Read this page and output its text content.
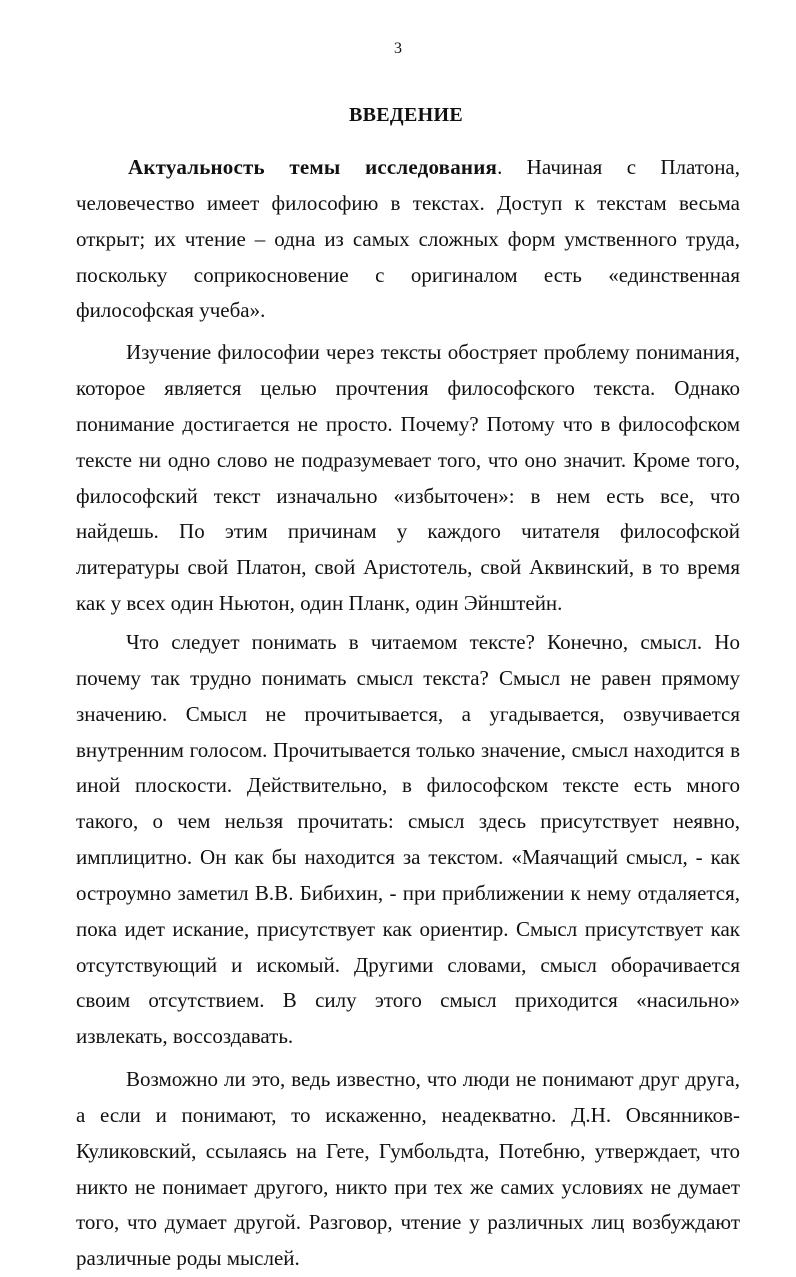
3
ВВЕДЕНИЕ

Актуальность темы исследования. Начиная с Платона, человечество имеет философию в текстах. Доступ к текстам весьма открыт; их чтение – одна из самых сложных форм умственного труда, поскольку соприкосновение с оригиналом есть «единственная философская учеба».

Изучение философии через тексты обостряет проблему понимания, которое является целью прочтения философского текста. Однако понимание достигается не просто. Почему? Потому что в философском тексте ни одно слово не подразумевает того, что оно значит. Кроме того, философский текст изначально «избыточен»: в нем есть все, что найдешь. По этим причинам у каждого читателя философской литературы свой Платон, свой Аристотель, свой Аквинский, в то время как у всех один Ньютон, один Планк, один Эйнштейн.

Что следует понимать в читаемом тексте? Конечно, смысл. Но почему так трудно понимать смысл текста? Смысл не равен прямому значению. Смысл не прочитывается, а угадывается, озвучивается внутренним голосом. Прочитывается только значение, смысл находится в иной плоскости. Действительно, в философском тексте есть много такого, о чем нельзя прочитать: смысл здесь присутствует неявно, имплицитно. Он как бы находится за текстом. «Маячащий смысл, - как остроумно заметил В.В. Бибихин, - при приближении к нему отдаляется, пока идет искание, присутствует как ориентир. Смысл присутствует как отсутствующий и искомый. Другими словами, смысл оборачивается своим отсутствием. В силу этого смысл приходится «насильно» извлекать, воссоздавать.

Возможно ли это, ведь известно, что люди не понимают друг друга, а если и понимают, то искаженно, неадекватно. Д.Н. Овсянников-Куликовский, ссылаясь на Гете, Гумбольдта, Потебню, утверждает, что никто не понимает другого, никто при тех же самих условиях не думает того, что думает другой. Разговор, чтение у различных лиц возбуждают различные роды мыслей.
